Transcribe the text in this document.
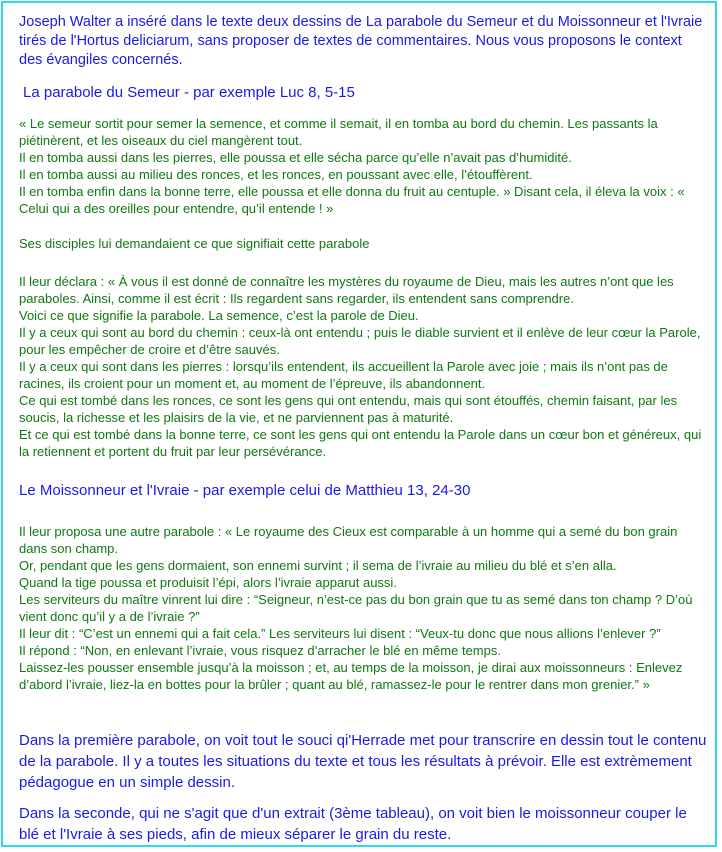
Joseph Walter a inséré dans le texte deux dessins de La parabole du Semeur et du Moissonneur et l'Ivraie tirés de l'Hortus deliciarum, sans proposer de textes de commentaires. Nous vous proposons le context des évangiles concernés.

La parabole du Semeur - par exemple Luc 8, 5-15

« Le semeur sortit pour semer la semence, et comme il semait, il en tomba au bord du chemin. Les passants la piétinèrent, et les oiseaux du ciel mangèrent tout.

Il en tomba aussi dans les pierres, elle poussa et elle sécha parce qu’elle n’avait pas d’humidité.

Il en tomba aussi au milieu des ronces, et les ronces, en poussant avec elle, l’étouffèrent.

Il en tomba enfin dans la bonne terre, elle poussa et elle donna du fruit au centuple. » Disant cela, il éleva la voix : « Celui qui a des oreilles pour entendre, qu’il entende ! »

Ses disciples lui demandaient ce que signifiait cette parabole

Il leur déclara : « À vous il est donné de connaître les mystères du royaume de Dieu, mais les autres n’ont que les paraboles. Ainsi, comme il est écrit : Ils regardent sans regarder, ils entendent sans comprendre.

Voici ce que signifie la parabole. La semence, c’est la parole de Dieu.

Il y a ceux qui sont au bord du chemin : ceux-là ont entendu ; puis le diable survient et il enlève de leur cœur la Parole, pour les empêcher de croire et d’être sauvés.

Il y a ceux qui sont dans les pierres : lorsqu’ils entendent, ils accueillent la Parole avec joie ; mais ils n’ont pas de racines, ils croient pour un moment et, au moment de l’épreuve, ils abandonnent.

Ce qui est tombé dans les ronces, ce sont les gens qui ont entendu, mais qui sont étouffés, chemin faisant, par les soucis, la richesse et les plaisirs de la vie, et ne parviennent pas à maturité.

Et ce qui est tombé dans la bonne terre, ce sont les gens qui ont entendu la Parole dans un cœur bon et généreux, qui la retiennent et portent du fruit par leur persévérance.

Le Moissonneur et l'Ivraie - par exemple celui de Matthieu 13, 24-30

Il leur proposa une autre parabole : « Le royaume des Cieux est comparable à un homme qui a semé du bon grain dans son champ.

Or, pendant que les gens dormaient, son ennemi survint ; il sema de l’ivraie au milieu du blé et s’en alla.

Quand la tige poussa et produisit l’épi, alors l’ivraie apparut aussi.

Les serviteurs du maître vinrent lui dire : “Seigneur, n’est-ce pas du bon grain que tu as semé dans ton champ ? D’où vient donc qu’il y a de l’ivraie ?”

Il leur dit : “C’est un ennemi qui a fait cela.” Les serviteurs lui disent : “Veux-tu donc que nous allions l’enlever ?”

Il répond : “Non, en enlevant l’ivraie, vous risquez d’arracher le blé en même temps.

Laissez-les pousser ensemble jusqu’à la moisson ; et, au temps de la moisson, je dirai aux moissonneurs : Enlevez d’abord l’ivraie, liez-la en bottes pour la brûler ; quant au blé, ramassez-le pour le rentrer dans mon grenier.” »

Dans la première parabole, on voit tout le souci qi'Herrade met pour transcrire en dessin tout le contenu de la parabole. Il y a toutes les situations du texte et tous les résultats à prévoir. Elle est extrèmement pédagogue en un simple dessin.

Dans la seconde, qui ne s'agit que d'un extrait (3ème tableau), on voit bien le moissonneur couper le blé et l'Ivraie à ses pieds, afin de mieux séparer le grain du reste.
